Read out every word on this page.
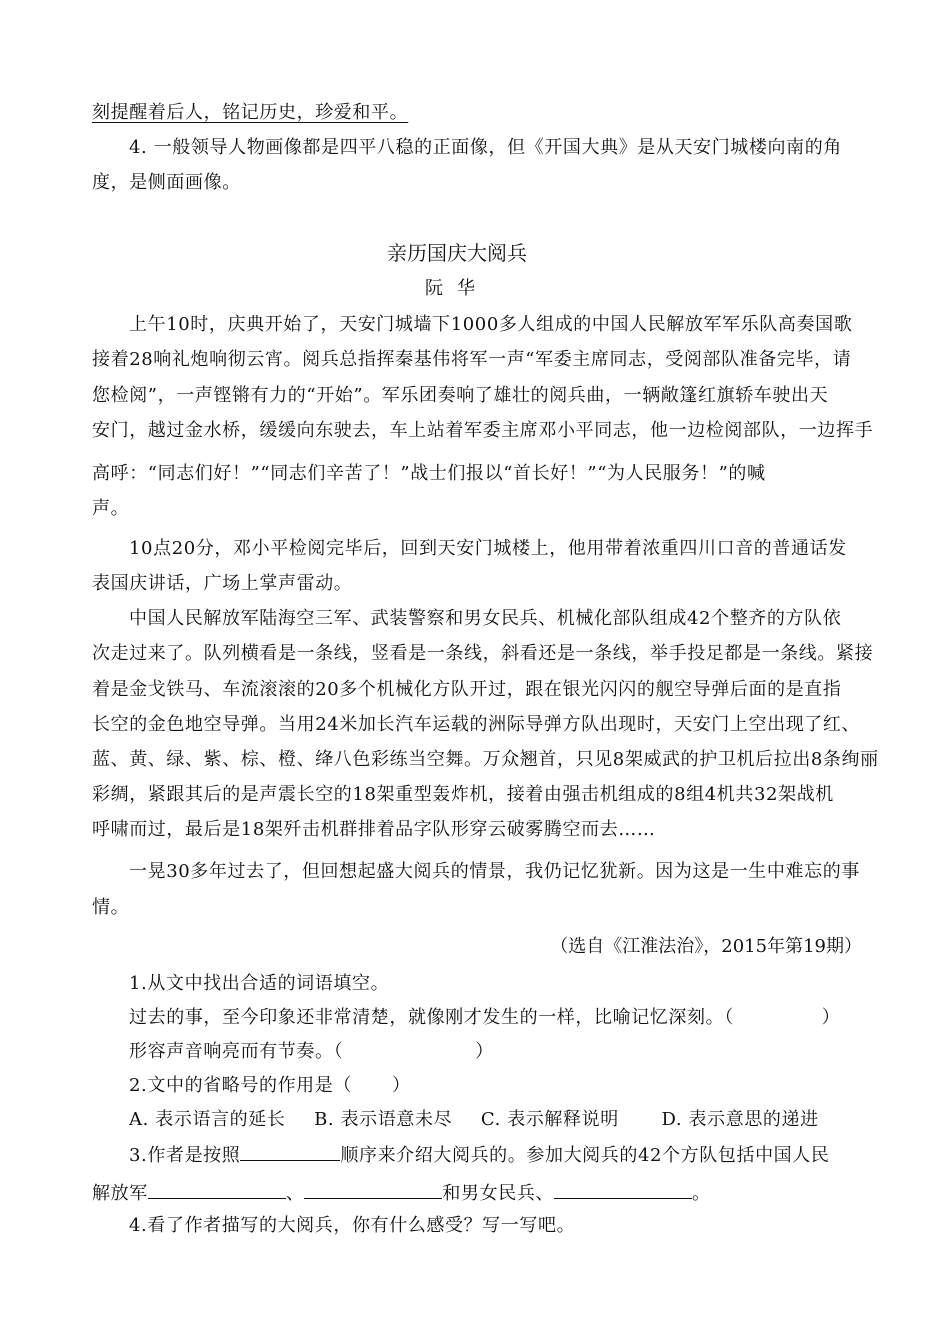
刻提醒着后人，铭记历史，珍爱和平。
4. 一般领导人物画像都是四平八稳的正面像，但《开国大典》是从天安门城楼向南的角
度，是侧面画像。
亲历国庆大阅兵
阮华
上午10时，庆典开始了，天安门城墙下1000多人组成的中国人民解放军军乐队高奏国歌
接着28响礼炮响彻云宵。阅兵总指挥秦基伟将军一声“军委主席同志，受阅部队准备完毕，请
您检阅”，一声铿锵有力的“开始”。军乐团奏响了雄壮的阅兵曲，一辆敞篷红旗轿车驶出天
安门，越过金水桥，缓缓向东驶去，车上站着军委主席邓小平同志，他一边检阅部队，一边挥手
高呼：“同志们好！”“同志们辛苦了！”战士们报以“首长好！”“为人民服务！”的喊
声。
10点20分，邓小平检阅完毕后，回到天安门城楼上，他用带着浓重四川口音的普通话发
表国庆讲话，广场上掌声雷动。
中国人民解放军陆海空三军、武装警察和男女民兵、机械化部队组成42个整齐的方队依
次走过来了。队列横看是一条线，竖看是一条线，斜看还是一条线，举手投足都是一条线。紧接
着是金戈铁马、车流滚滚的20多个机械化方队开过，跟在银光闪闪的舰空导弹后面的是直指
长空的金色地空导弹。当用24米加长汽车运载的洲际导弹方队出现时，天安门上空出现了红、
蓝、黄、绿、紫、棕、橙、绛八色彩练当空舞。万众翘首，只见8架威武的护卫机后拉出8条绚丽
彩绸，紧跟其后的是声震长空的18架重型轰炸机，接着由强击机组成的8组4机共32架战机
呼啸而过，最后是18架歼击机群排着品字队形穿云破雾腾空而去……
一晃30多年过去了，但回想起盛大阅兵的情景，我仍记忆犹新。因为这是一生中难忘的事
情。
（选自《江淮法治》，2015年第19期）
1.从文中找出合适的词语填空。
过去的事，至今印象还非常清楚，就像刚才发生的一样，比喻记忆深刻。（	）
形容声音响亮而有节奏。（	）
2.文中的省略号的作用是（ ）
A. 表示语言的延长 B. 表示语意未尽 C. 表示解释说明 D. 表示意思的递进
3.作者是按照	顺序来介绍大阅兵的。参加大阅兵的42个方队包括中国人民
解放军	、	和男女民兵、	。
4.看了作者描写的大阅兵，你有什么感受？写一写吧。
